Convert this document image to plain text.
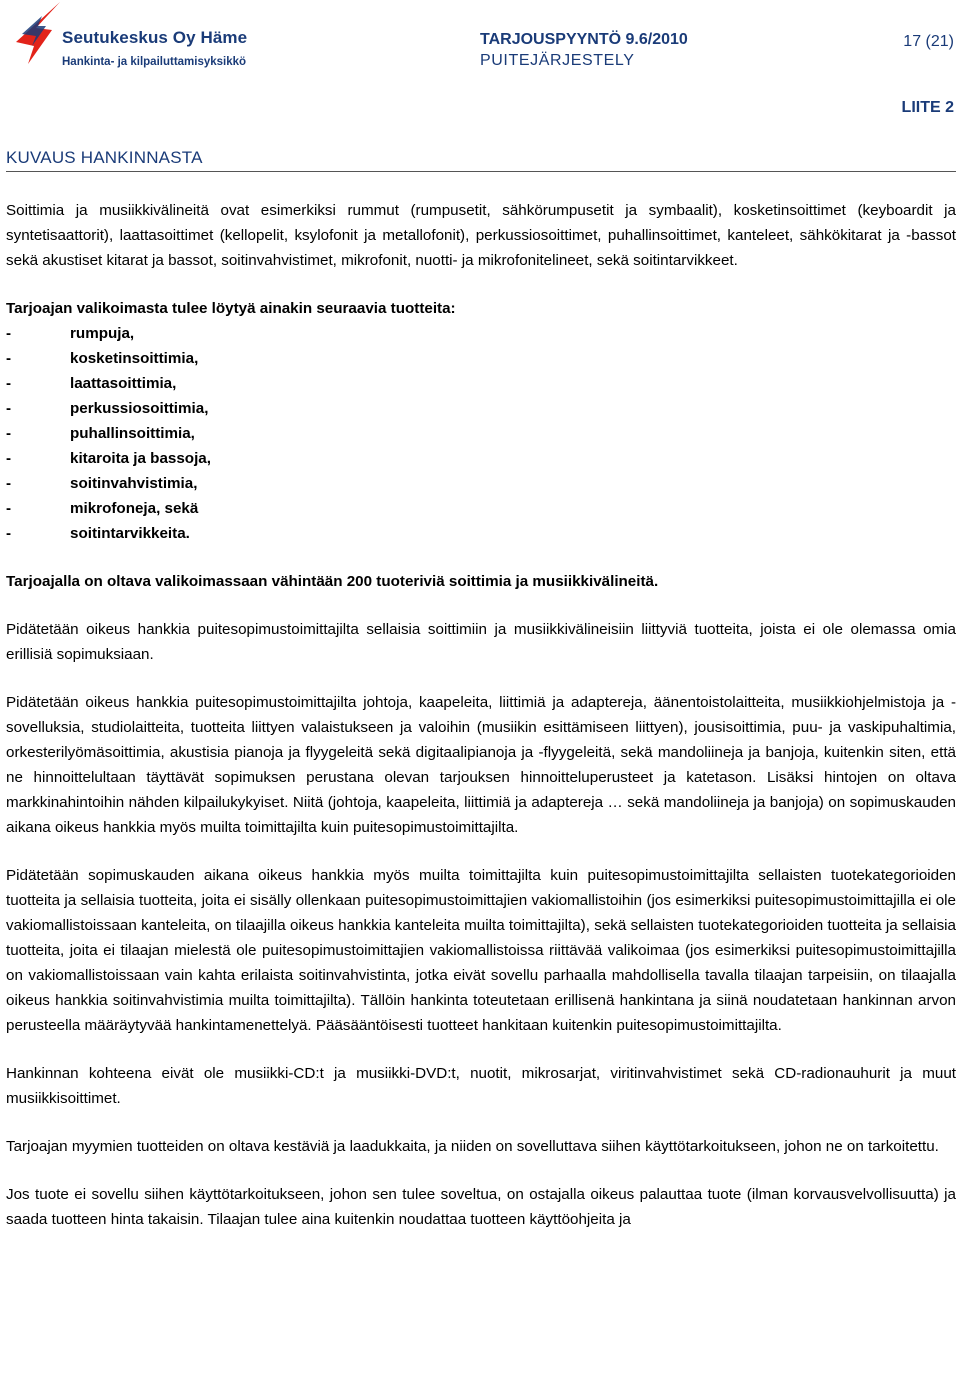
Seutukeskus Oy Häme
Hankinta- ja kilpailuttamisyksikkö
TARJOUSPYYNTÖ 9.6/2010
PUITEJÄRJESTELY
17 (21)
LIITE 2
KUVAUS HANKINNASTA

Soittimia ja musiikkivälineitä ovat esimerkiksi rummut (rumpusetit, sähkörumpusetit ja symbaalit), kosketinsoittimet (keyboardit ja syntetisaattorit), laattasoittimet (kellopelit, ksylofonit ja metallofonit), perkussiosoittimet, puhallinsoittimet, kanteleet, sähkökitarat ja -bassot sekä akustiset kitarat ja bassot, soitinvahvistimet, mikrofonit, nuotti- ja mikrofonitelineet, sekä soitintarvikkeet.

Tarjoajan valikoimasta tulee löytyä ainakin seuraavia tuotteita:

-	rumpuja,
-	kosketinsoittimia,
-	laattasoittimia,
-	perkussiosoittimia,
-	puhallinsoittimia,
-	kitaroita ja bassoja,
-	soitinvahvistimia,
-	mikrofoneja, sekä
-	soitintarvikkeita.

Tarjoajalla on oltava valikoimassaan vähintään 200 tuoteriviä soittimia ja musiikkivälineitä.

Pidätetään oikeus hankkia puitesopimustoimittajilta sellaisia soittimiin ja musiikkivälineisiin liittyviä tuotteita, joista ei ole olemassa omia erillisiä sopimuksiaan.

Pidätetään oikeus hankkia puitesopimustoimittajilta johtoja, kaapeleita, liittimiä ja adaptereja, äänentoistolaitteita, musiikkiohjelmistoja ja -sovelluksia, studiolaitteita, tuotteita liittyen valaistukseen ja valoihin (musiikin esittämiseen liittyen), jousisoittimia, puu- ja vaskipuhaltimia, orkesterilyömäsoittimia, akustisia pianoja ja flyygeleitä sekä digitaalipianoja ja -flyygeleitä, sekä mandoliineja ja banjoja, kuitenkin siten, että ne hinnoittelultaan täyttävät sopimuksen perustana olevan tarjouksen hinnoitteluperusteet ja katetason. Lisäksi hintojen on oltava markkinahintoihin nähden kilpailukykyiset. Niitä (johtoja, kaapeleita, liittimiä ja adaptereja … sekä mandoliineja ja banjoja) on sopimuskauden aikana oikeus hankkia myös muilta toimittajilta kuin puitesopimustoimittajilta.

Pidätetään sopimuskauden aikana oikeus hankkia myös muilta toimittajilta kuin puitesopimustoimittajilta sellaisten tuotekategorioiden tuotteita ja sellaisia tuotteita, joita ei sisälly ollenkaan puitesopimustoimittajien vakiomallistoihin (jos esimerkiksi puitesopimustoimittajilla ei ole vakiomallistoissaan kanteleita, on tilaajilla oikeus hankkia kanteleita muilta toimittajilta), sekä sellaisten tuotekategorioiden tuotteita ja sellaisia tuotteita, joita ei tilaajan mielestä ole puitesopimustoimittajien vakiomallistoissa riittävää valikoimaa (jos esimerkiksi puitesopimustoimittajilla on vakiomallistoissaan vain kahta erilaista soitinvahvistinta, jotka eivät sovellu parhaalla mahdollisella tavalla tilaajan tarpeisiin, on tilaajalla oikeus hankkia soitinvahvistimia muilta toimittajilta). Tällöin hankinta toteutetaan erillisenä hankintana ja siinä noudatetaan hankinnan arvon perusteella määräytyvää hankintamenettelyä. Pääsääntöisesti tuotteet hankitaan kuitenkin puitesopimustoimittajilta.

Hankinnan kohteena eivät ole musiikki-CD:t ja musiikki-DVD:t, nuotit, mikrosarjat, viritinvahvistimet sekä CD-radionauhurit ja muut musiikkisoittimet.

Tarjoajan myymien tuotteiden on oltava kestäviä ja laadukkaita, ja niiden on sovelluttava siihen käyttötarkoitukseen, johon ne on tarkoitettu.

Jos tuote ei sovellu siihen käyttötarkoitukseen, johon sen tulee soveltua, on ostajalla oikeus palauttaa tuote (ilman korvausvelvollisuutta) ja saada tuotteen hinta takaisin. Tilaajan tulee aina kuitenkin noudattaa tuotteen käyttöohjeita ja
